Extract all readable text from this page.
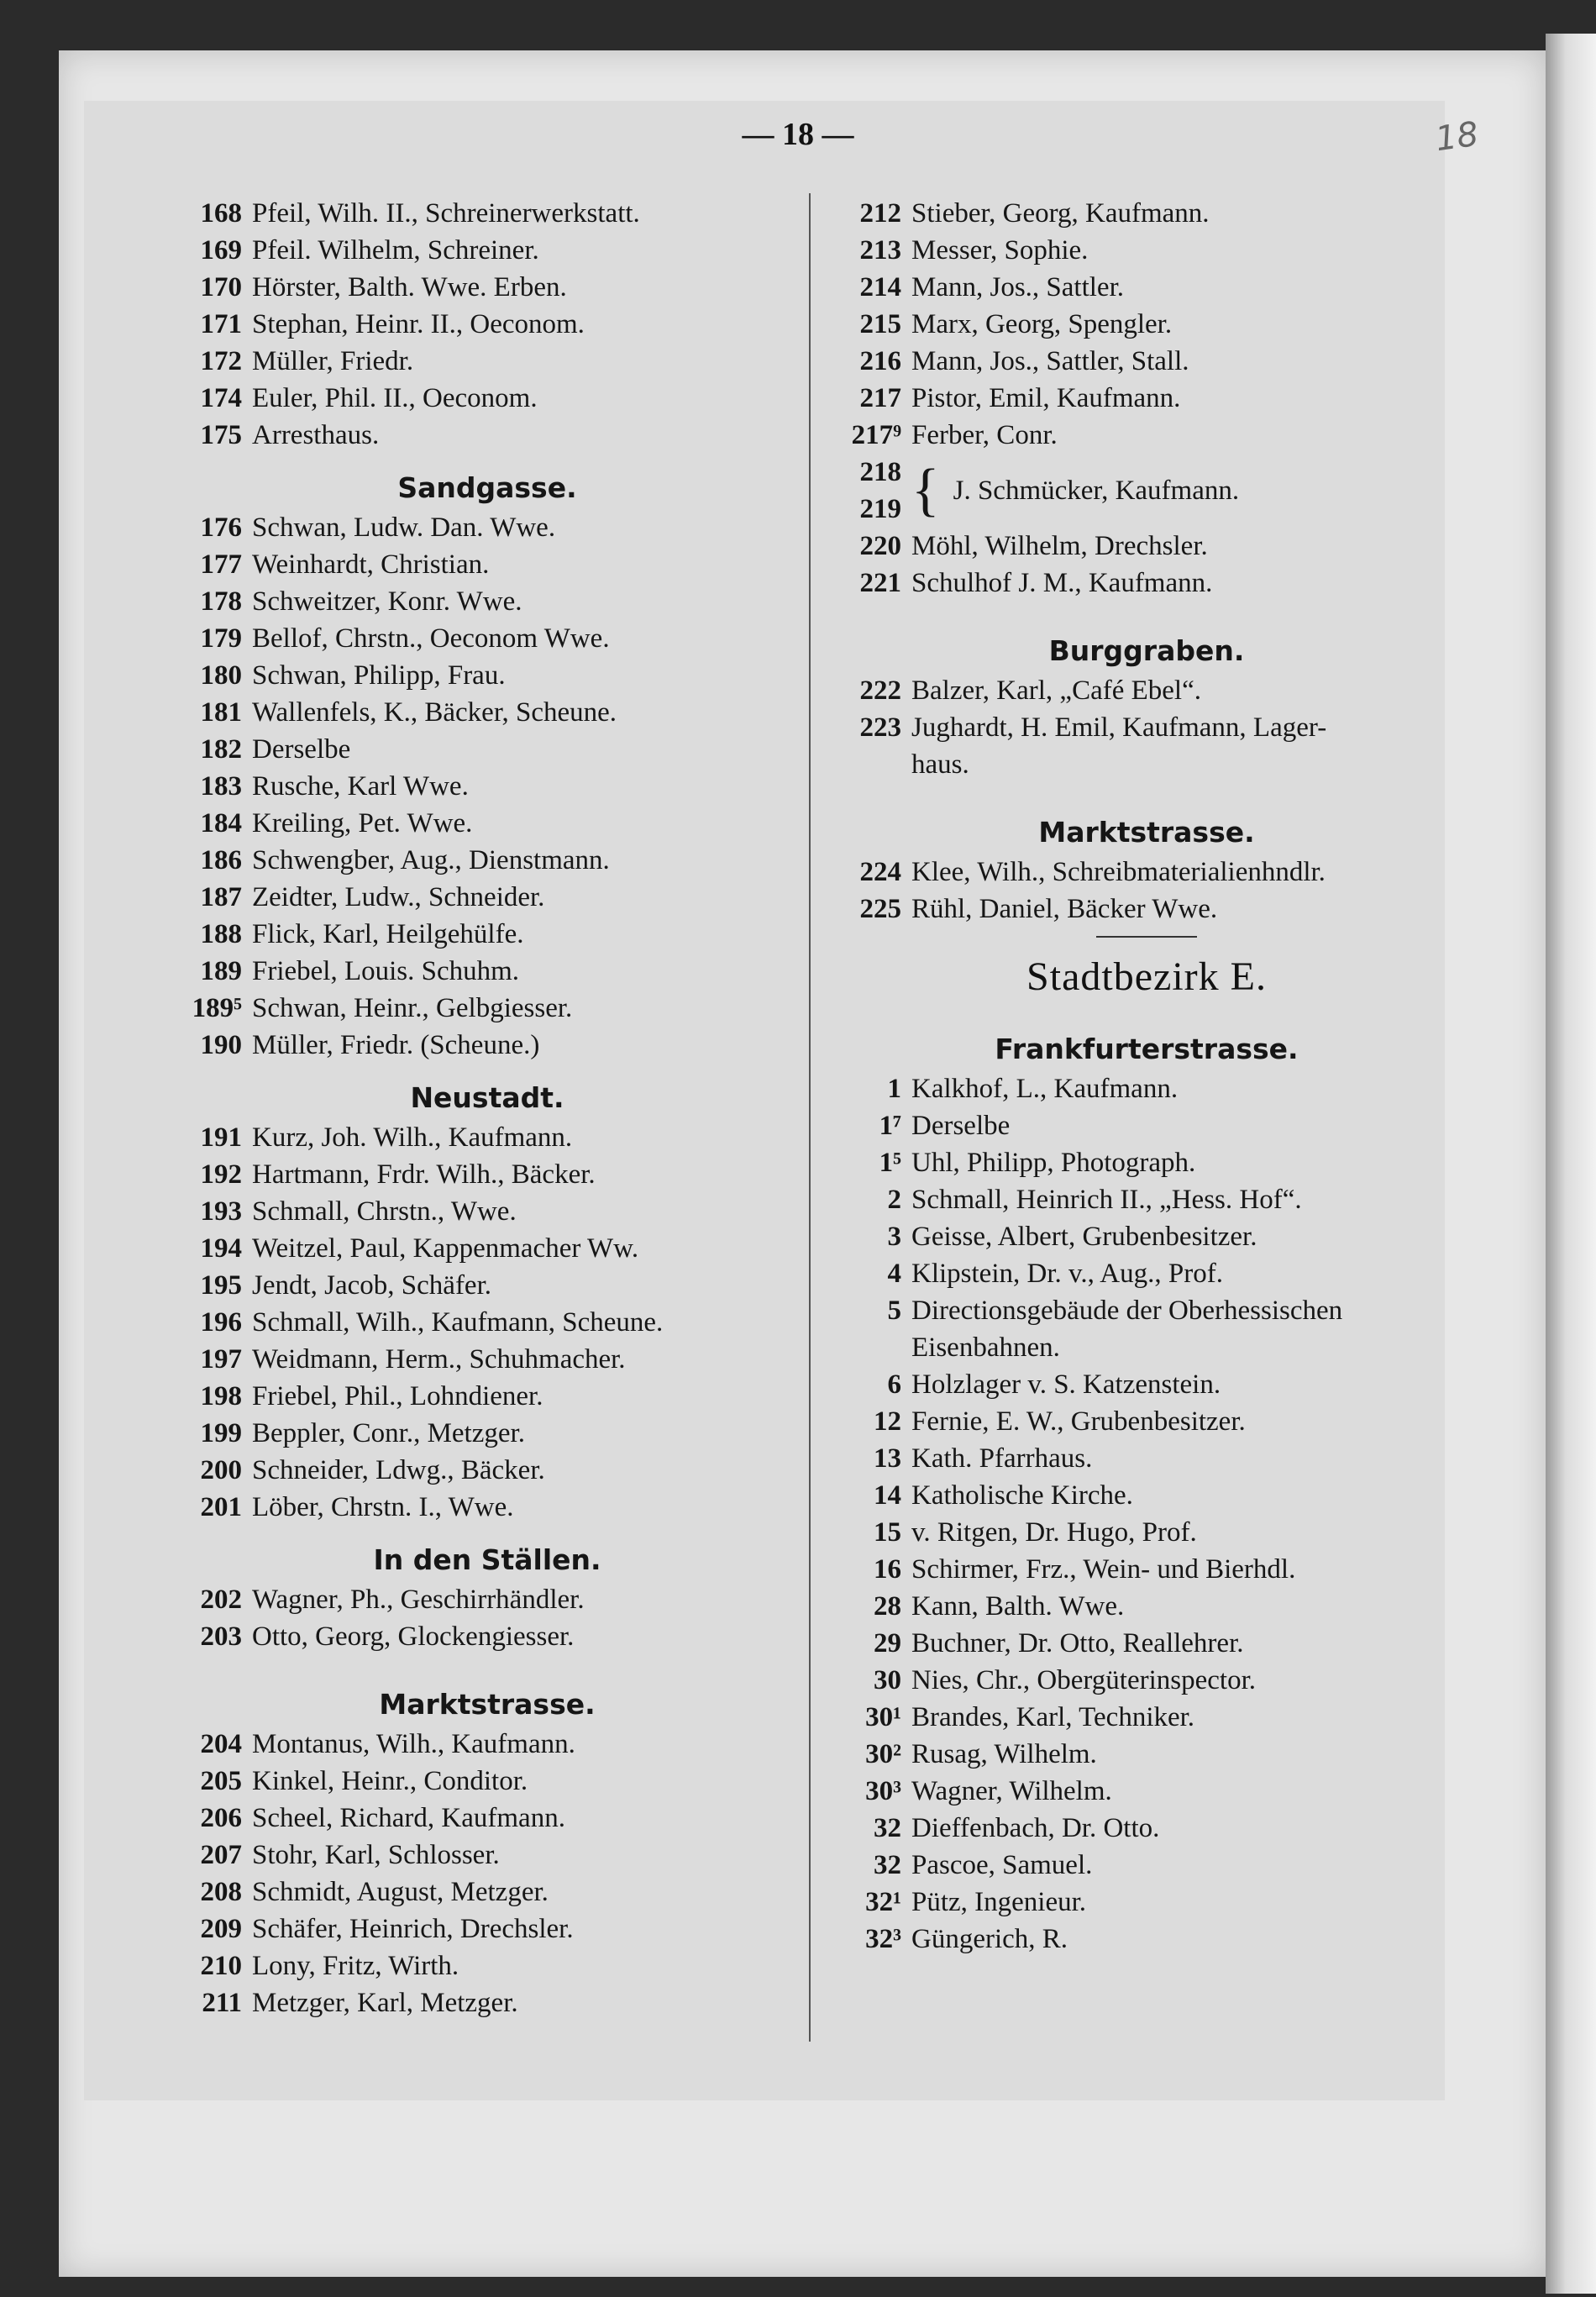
— 18 —	18
168 Pfeil, Wilh. II., Schreinerwerkstatt.
169 Pfeil. Wilhelm, Schreiner.
170 Hörster, Balth. Wwe. Erben.
171 Stephan, Heinr. II., Oeconom.
172 Müller, Friedr.
174 Euler, Phil. II., Oeconom.
175 Arresthaus.
Sandgasse.
176 Schwan, Ludw. Dan. Wwe.
177 Weinhardt, Christian.
178 Schweitzer, Konr. Wwe.
179 Bellof, Chrstn., Oeconom Wwe.
180 Schwan, Philipp, Frau.
181 Wallenfels, K., Bäcker, Scheune.
182 Derselbe
183 Rusche, Karl Wwe.
184 Kreiling, Pet. Wwe.
186 Schwengber, Aug., Dienstmann.
187 Zeidter, Ludw., Schneider.
188 Flick, Karl, Heilgehülfe.
189 Friebel, Louis. Schuhm.
189⁵ Schwan, Heinr., Gelbgiesser.
190 Müller, Friedr. (Scheune.)
Neustadt.
191 Kurz, Joh. Wilh., Kaufmann.
192 Hartmann, Frdr. Wilh., Bäcker.
193 Schmall, Chrstn., Wwe.
194 Weitzel, Paul, Kappenmacher Ww.
195 Jendt, Jacob, Schäfer.
196 Schmall, Wilh., Kaufmann, Scheune.
197 Weidmann, Herm., Schuhmacher.
198 Friebel, Phil., Lohndiener.
199 Beppler, Conr., Metzger.
200 Schneider, Ldwg., Bäcker.
201 Löber, Chrstn. I., Wwe.
In den Ställen.
202 Wagner, Ph., Geschirrhändler.
203 Otto, Georg, Glockengiesser.
Marktstrasse.
204 Montanus, Wilh., Kaufmann.
205 Kinkel, Heinr., Conditor.
206 Scheel, Richard, Kaufmann.
207 Stohr, Karl, Schlosser.
208 Schmidt, August, Metzger.
209 Schäfer, Heinrich, Drechsler.
210 Lony, Fritz, Wirth.
211 Metzger, Karl, Metzger.
212 Stieber, Georg, Kaufmann.
213 Messer, Sophie.
214 Mann, Jos., Sattler.
215 Marx, Georg, Spengler.
216 Mann, Jos., Sattler, Stall.
217 Pistor, Emil, Kaufmann.
217⁹ Ferber, Conr.
218
219 { J. Schmücker, Kaufmann.
220 Möhl, Wilhelm, Drechsler.
221 Schulhof J. M., Kaufmann.
Burggraben.
222 Balzer, Karl, „Café Ebel“.
223 Jughardt, H. Emil, Kaufmann, Lager-
haus.
Marktstrasse.
224 Klee, Wilh., Schreibmaterialienhndlr.
225 Rühl, Daniel, Bäcker Wwe.
Stadtbezirk E.
Frankfurterstrasse.
1 Kalkhof, L., Kaufmann.
1⁷ Derselbe
1⁵ Uhl, Philipp, Photograph.
2 Schmall, Heinrich II., „Hess. Hof“.
3 Geisse, Albert, Grubenbesitzer.
4 Klipstein, Dr. v., Aug., Prof.
5 Directionsgebäude der Oberhessischen
Eisenbahnen.
6 Holzlager v. S. Katzenstein.
12 Fernie, E. W., Grubenbesitzer.
13 Kath. Pfarrhaus.
14 Katholische Kirche.
15 v. Ritgen, Dr. Hugo, Prof.
16 Schirmer, Frz., Wein- und Bierhdl.
28 Kann, Balth. Wwe.
29 Buchner, Dr. Otto, Reallehrer.
30 Nies, Chr., Obergüterinspector.
30¹ Brandes, Karl, Techniker.
30² Rusag, Wilhelm.
30³ Wagner, Wilhelm.
32 Dieffenbach, Dr. Otto.
32 Pascoe, Samuel.
32¹ Pütz, Ingenieur.
32³ Güngerich, R.
